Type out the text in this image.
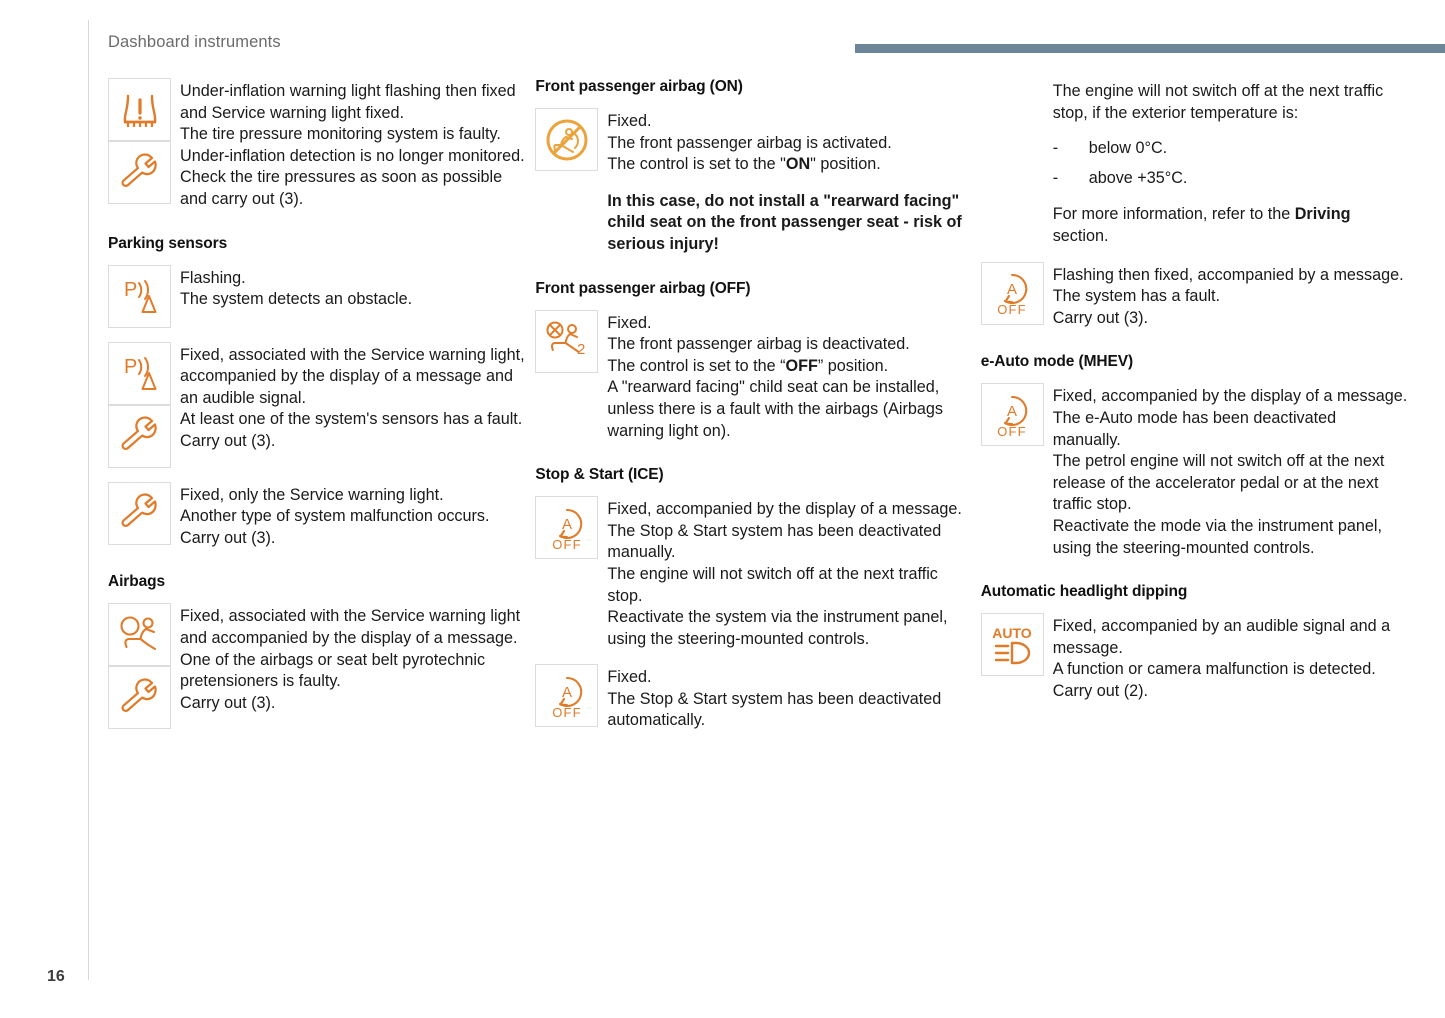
Dashboard instruments
16

Under-inflation warning light flashing then fixed and Service warning light fixed.

The tire pressure monitoring system is faulty.

Under-inflation detection is no longer monitored.

Check the tire pressures as soon as possible and carry out (3).

Parking sensors
P

Flashing.

The system detects an obstacle.

P

Fixed, associated with the Service warning light, accompanied by the display of a message and an audible signal.

At least one of the system's sensors has a fault.

Carry out (3).

Fixed, only the Service warning light.

Another type of system malfunction occurs.

Carry out (3).

Airbags

Fixed, associated with the Service warning light and accompanied by the display of a message.

One of the airbags or seat belt pyrotechnic pretensioners is faulty.

Carry out (3).

Front passenger airbag (ON)

Fixed.

The front passenger airbag is activated.

The control is set to the "ON" position.

In this case, do not install a "rearward facing" child seat on the front passenger seat - risk of serious injury!

Front passenger airbag (OFF)
2

Fixed.

The front passenger airbag is deactivated.

The control is set to the “OFF” position.

A "rearward facing" child seat can be installed, unless there is a fault with the airbags (Airbags warning light on).

Stop & Start (ICE)
A
OFF

Fixed, accompanied by the display of a message.

The Stop & Start system has been deactivated manually.

The engine will not switch off at the next traffic stop.

Reactivate the system via the instrument panel, using the steering-mounted controls.

A
OFF

Fixed.

The Stop & Start system has been deactivated automatically.

The engine will not switch off at the next traffic stop, if the exterior temperature is:

-	below 0°C.
-	above +35°C.

For more information, refer to the Driving section.

A
OFF

Flashing then fixed, accompanied by a message.

The system has a fault.

Carry out (3).

e-Auto mode (MHEV)
A
OFF

Fixed, accompanied by the display of a message.

The e-Auto mode has been deactivated manually.

The petrol engine will not switch off at the next release of the accelerator pedal or at the next traffic stop.

Reactivate the mode via the instrument panel, using the steering-mounted controls.

Automatic headlight dipping
AUTO Fixed, accompanied by an audible signal and a message.

A function or camera malfunction is detected.

Carry out (2).
